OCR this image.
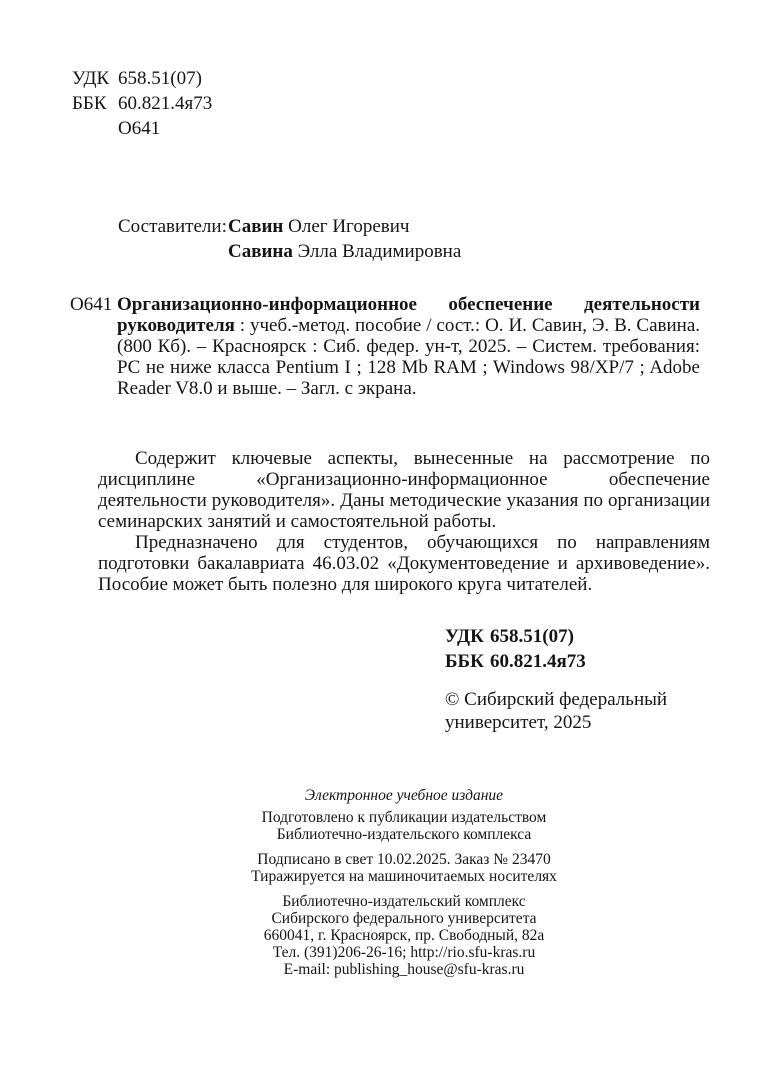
УДК 658.51(07)
ББК 60.821.4я73
О641
Составители: Савин Олег Игоревич
Савина Элла Владимировна
О641 Организационно-информационное обеспечение деятельности руководителя : учеб.-метод. пособие / сост.: О. И. Савин, Э. В. Савина. (800 Кб). – Красноярск : Сиб. федер. ун-т, 2025. – Систем. требования: PC не ниже класса Pentium I ; 128 Mb RAM ; Windows 98/XP/7 ; Adobe Reader V8.0 и выше. – Загл. с экрана.

Содержит ключевые аспекты, вынесенные на рассмотрение по дисциплине «Организационно-информационное обеспечение деятельности руководителя». Даны методические указания по организации семинарских занятий и самостоятельной работы.

Предназначено для студентов, обучающихся по направлениям подготовки бакалавриата 46.03.02 «Документоведение и архивоведение». Пособие может быть полезно для широкого круга читателей.

УДК 658.51(07)
ББК 60.821.4я73
© Сибирский федеральный
университет, 2025
Электронное учебное издание
Подготовлено к публикации издательством
Библиотечно-издательского комплекса
Подписано в свет 10.02.2025. Заказ № 23470
Тиражируется на машиночитаемых носителях
Библиотечно-издательский комплекс
Сибирского федерального университета
660041, г. Красноярск, пр. Свободный, 82а
Тел. (391)206-26-16; http://rio.sfu-kras.ru
E-mail: publishing_house@sfu-kras.ru
